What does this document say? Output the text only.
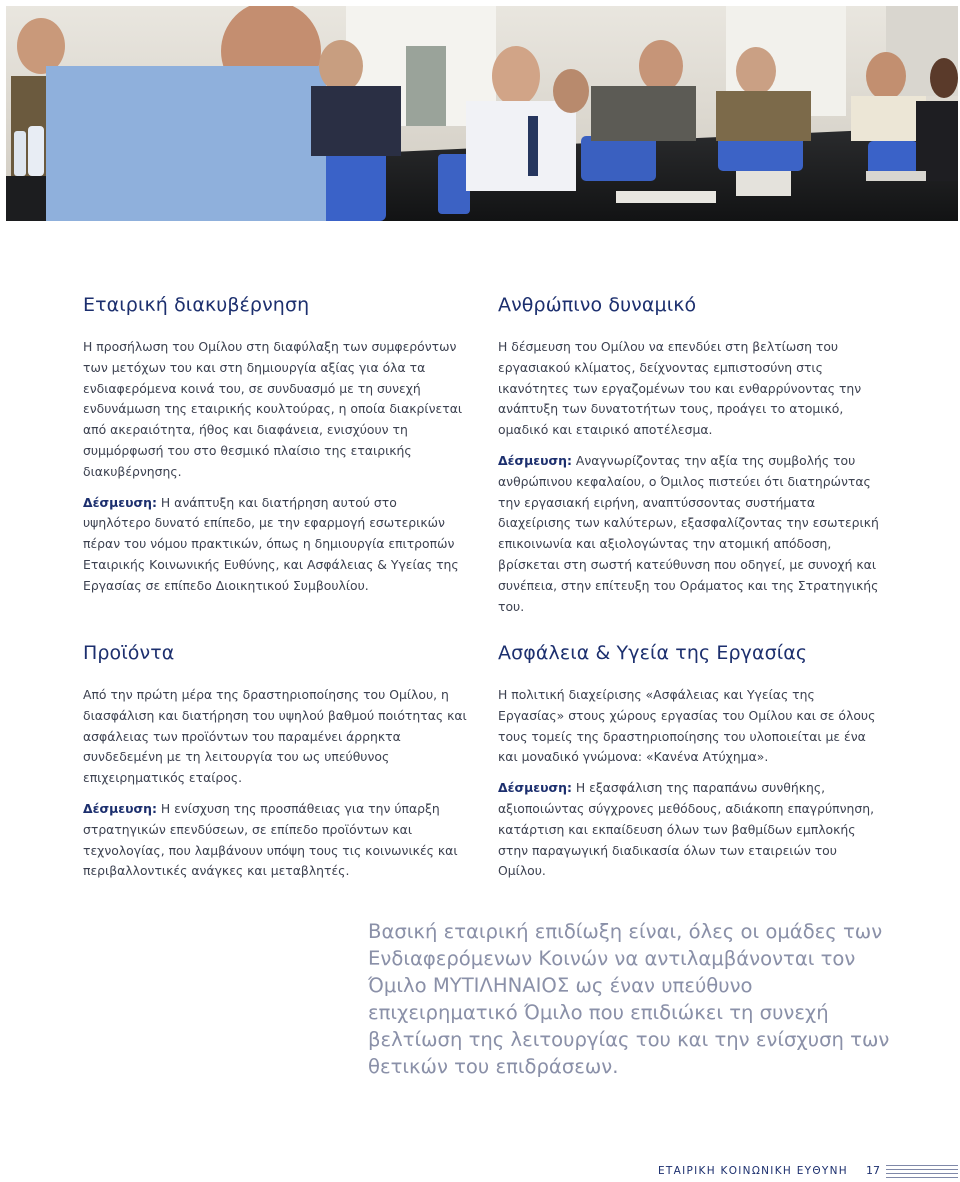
Εταιρική διακυβέρνηση

Η προσήλωση του Ομίλου στη διαφύλαξη των συμφερόντων των μετόχων του και στη δημιουργία αξίας για όλα τα ενδιαφερόμενα κοινά του, σε συνδυασμό με τη συνεχή ενδυνάμωση της εταιρικής κουλτούρας, η οποία διακρίνεται από ακεραιότητα, ήθος και διαφάνεια, ενισχύουν τη συμμόρφωσή του στο θεσμικό πλαίσιο της εταιρικής διακυβέρνησης.

Δέσμευση: Η ανάπτυξη και διατήρηση αυτού στο υψηλότερο δυνατό επίπεδο, με την εφαρμογή εσωτερικών πέραν του νόμου πρακτικών, όπως η δημιουργία επιτροπών Εταιρικής Κοινωνικής Ευθύνης, και Ασφάλειας & Υγείας της Εργασίας σε επίπεδο Διοικητικού Συμβουλίου.

Ανθρώπινο δυναμικό

Η δέσμευση του Ομίλου να επενδύει στη βελτίωση του εργασιακού κλίματος, δείχνοντας εμπιστοσύνη στις ικανότητες των εργαζομένων του και ενθαρρύνοντας την ανάπτυξη των δυνατοτήτων τους, προάγει το ατομικό, ομαδικό και εταιρικό αποτέλεσμα.

Δέσμευση: Αναγνωρίζοντας την αξία της συμβολής του ανθρώπινου κεφαλαίου, ο Όμιλος πιστεύει ότι διατηρώντας την εργασιακή ειρήνη, αναπτύσσοντας συστήματα διαχείρισης των καλύτερων, εξασφαλίζοντας την εσωτερική επικοινωνία και αξιολογώντας την ατομική απόδοση, βρίσκεται στη σωστή κατεύθυνση που οδηγεί, με συνοχή και συνέπεια, στην επίτευξη του Οράματος και της Στρατηγικής του.

Προϊόντα

Από την πρώτη μέρα της δραστηριοποίησης του Ομίλου, η διασφάλιση και διατήρηση του υψηλού βαθμού ποιότητας και ασφάλειας των προϊόντων του παραμένει άρρηκτα συνδεδεμένη με τη λειτουργία του ως υπεύθυνος επιχειρηματικός εταίρος.

Δέσμευση: Η ενίσχυση της προσπάθειας για την ύπαρξη στρατηγικών επενδύσεων, σε επίπεδο προϊόντων και τεχνολογίας, που λαμβάνουν υπόψη τους τις κοινωνικές και περιβαλλοντικές ανάγκες και μεταβλητές.

Ασφάλεια & Υγεία της Εργασίας

Η πολιτική διαχείρισης «Ασφάλειας και Υγείας της Εργασίας» στους χώρους εργασίας του Ομίλου και σε όλους τους τομείς της δραστηριοποίησης του υλοποιείται με ένα και μοναδικό γνώμονα: «Κανένα Ατύχημα».

Δέσμευση: Η εξασφάλιση της παραπάνω συνθήκης, αξιοποιώντας σύγχρονες μεθόδους, αδιάκοπη επαγρύπνηση, κατάρτιση και εκπαίδευση όλων των βαθμίδων εμπλοκής στην παραγωγική διαδικασία όλων των εταιρειών του Ομίλου.

Βασική εταιρική επιδίωξη είναι, όλες οι ομάδες των Ενδιαφερόμενων Κοινών να αντιλαμβάνονται τον Όμιλο ΜΥΤΙΛΗΝΑΙΟΣ ως έναν υπεύθυνο επιχειρηματικό Όμιλο που επιδιώκει τη συνεχή βελτίωση της λειτουργίας του και την ενίσχυση των θετικών του επιδράσεων.

ΕΤΑΙΡΙΚΗ ΚΟΙΝΩΝΙΚΗ ΕΥΘΥΝΗ 17
